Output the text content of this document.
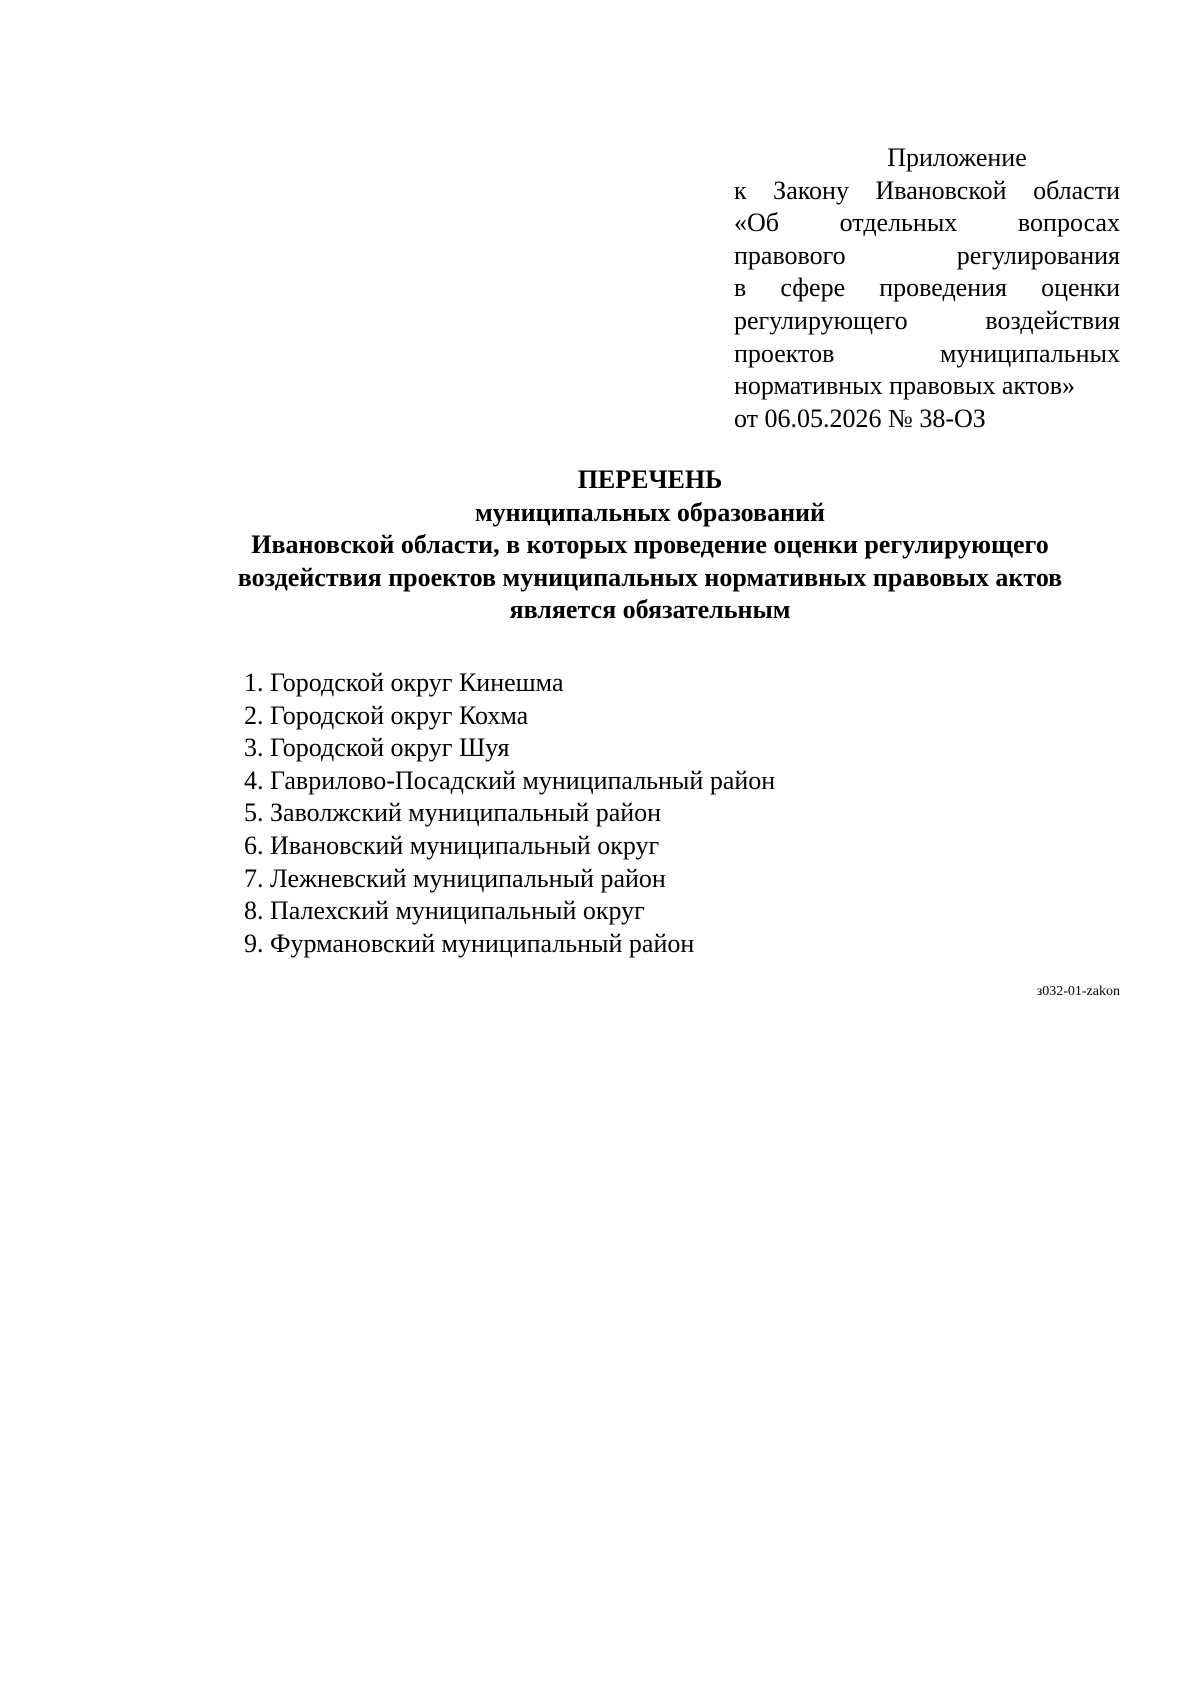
Приложение
к Закону Ивановской области
«Об отдельных вопросах
правового регулирования
в сфере проведения оценки
регулирующего воздействия
проектов муниципальных
нормативных правовых актов»
от 06.05.2026 № 38-ОЗ
ПЕРЕЧЕНЬ
муниципальных образований
Ивановской области, в которых проведение оценки регулирующего
воздействия проектов муниципальных нормативных правовых актов
является обязательным
1. Городской округ Кинешма
2. Городской округ Кохма
3. Городской округ Шуя
4. Гаврилово-Посадский муниципальный район
5. Заволжский муниципальный район
6. Ивановский муниципальный округ
7. Лежневский муниципальный район
8. Палехский муниципальный округ
9. Фурмановский муниципальный район
з032-01-zakon
